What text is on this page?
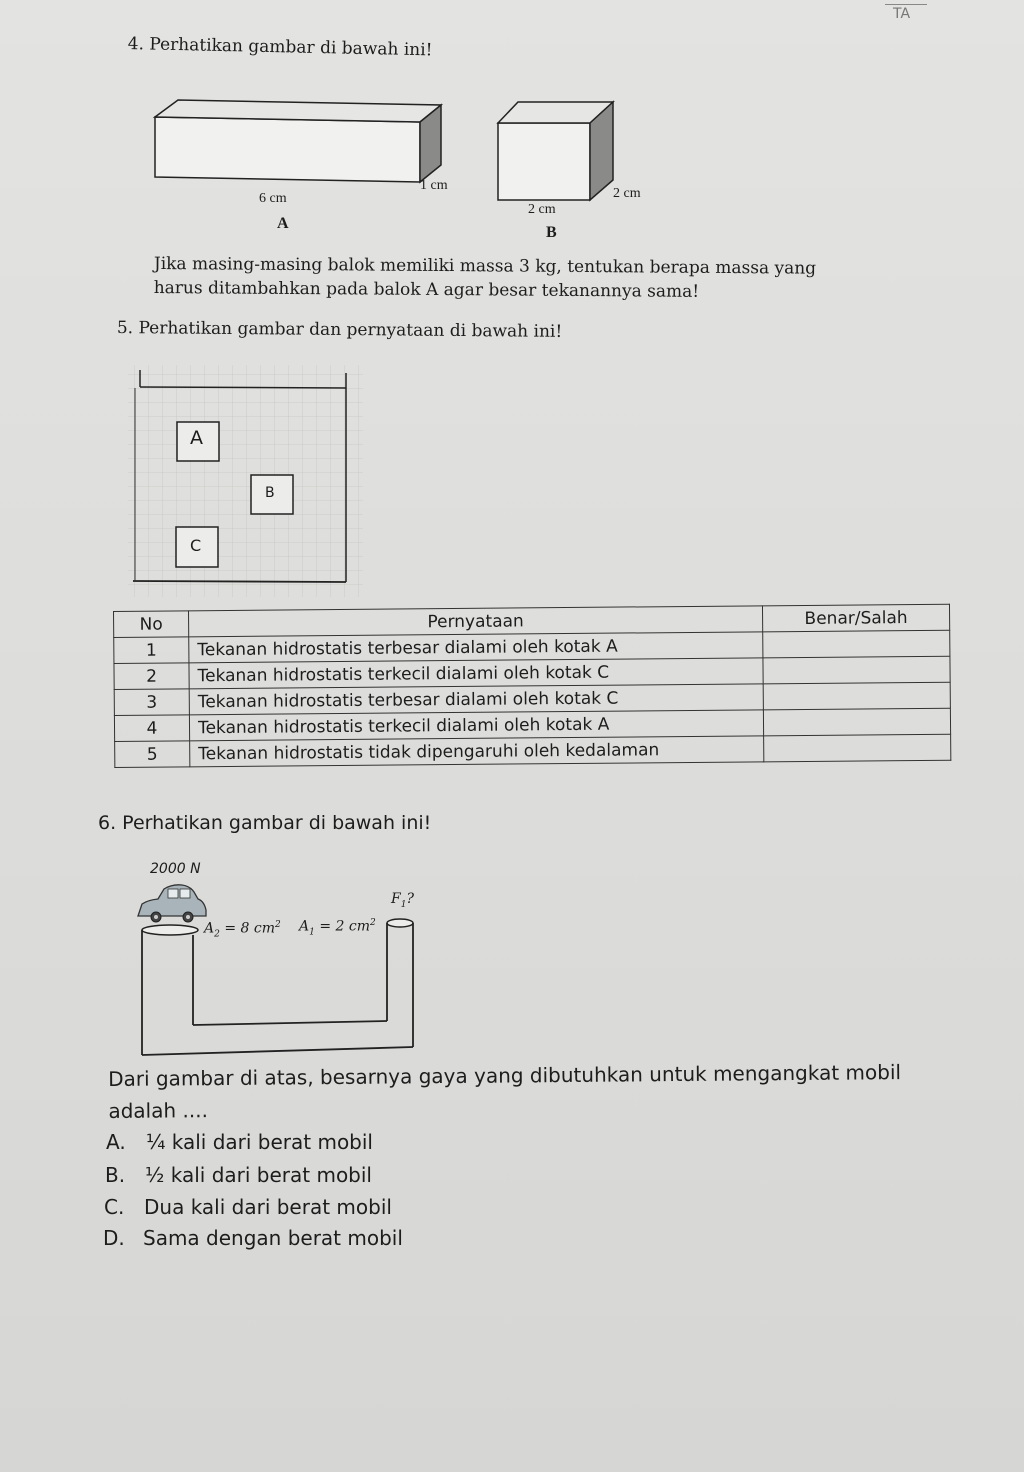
TA
4. Perhatikan gambar di bawah ini!
6 cm
1 cm
A
2 cm
2 cm
B
Jika masing-masing balok memiliki massa 3 kg, tentukan berapa massa yang
harus ditambahkan pada balok A agar besar tekanannya sama!
5. Perhatikan gambar dan pernyataan di bawah ini!
A
B
C
No	Pernyataan	Benar/Salah
1	Tekanan hidrostatis terbesar dialami oleh kotak A	
2	Tekanan hidrostatis terkecil dialami oleh kotak C	
3	Tekanan hidrostatis terbesar dialami oleh kotak C	
4	Tekanan hidrostatis terkecil dialami oleh kotak A	
5	Tekanan hidrostatis tidak dipengaruhi oleh kedalaman	
6. Perhatikan gambar di bawah ini!
2000 N
$F_1$?
$A_2 = 8$ $cm^2$ $A_1 = 2$ $cm^2$
Dari gambar di atas, besarnya gaya yang dibutuhkan untuk mengangkat mobil
adalah ....
A. ¼ kali dari berat mobil
B. ½ kali dari berat mobil
C. Dua kali dari berat mobil
D. Sama dengan berat mobil
